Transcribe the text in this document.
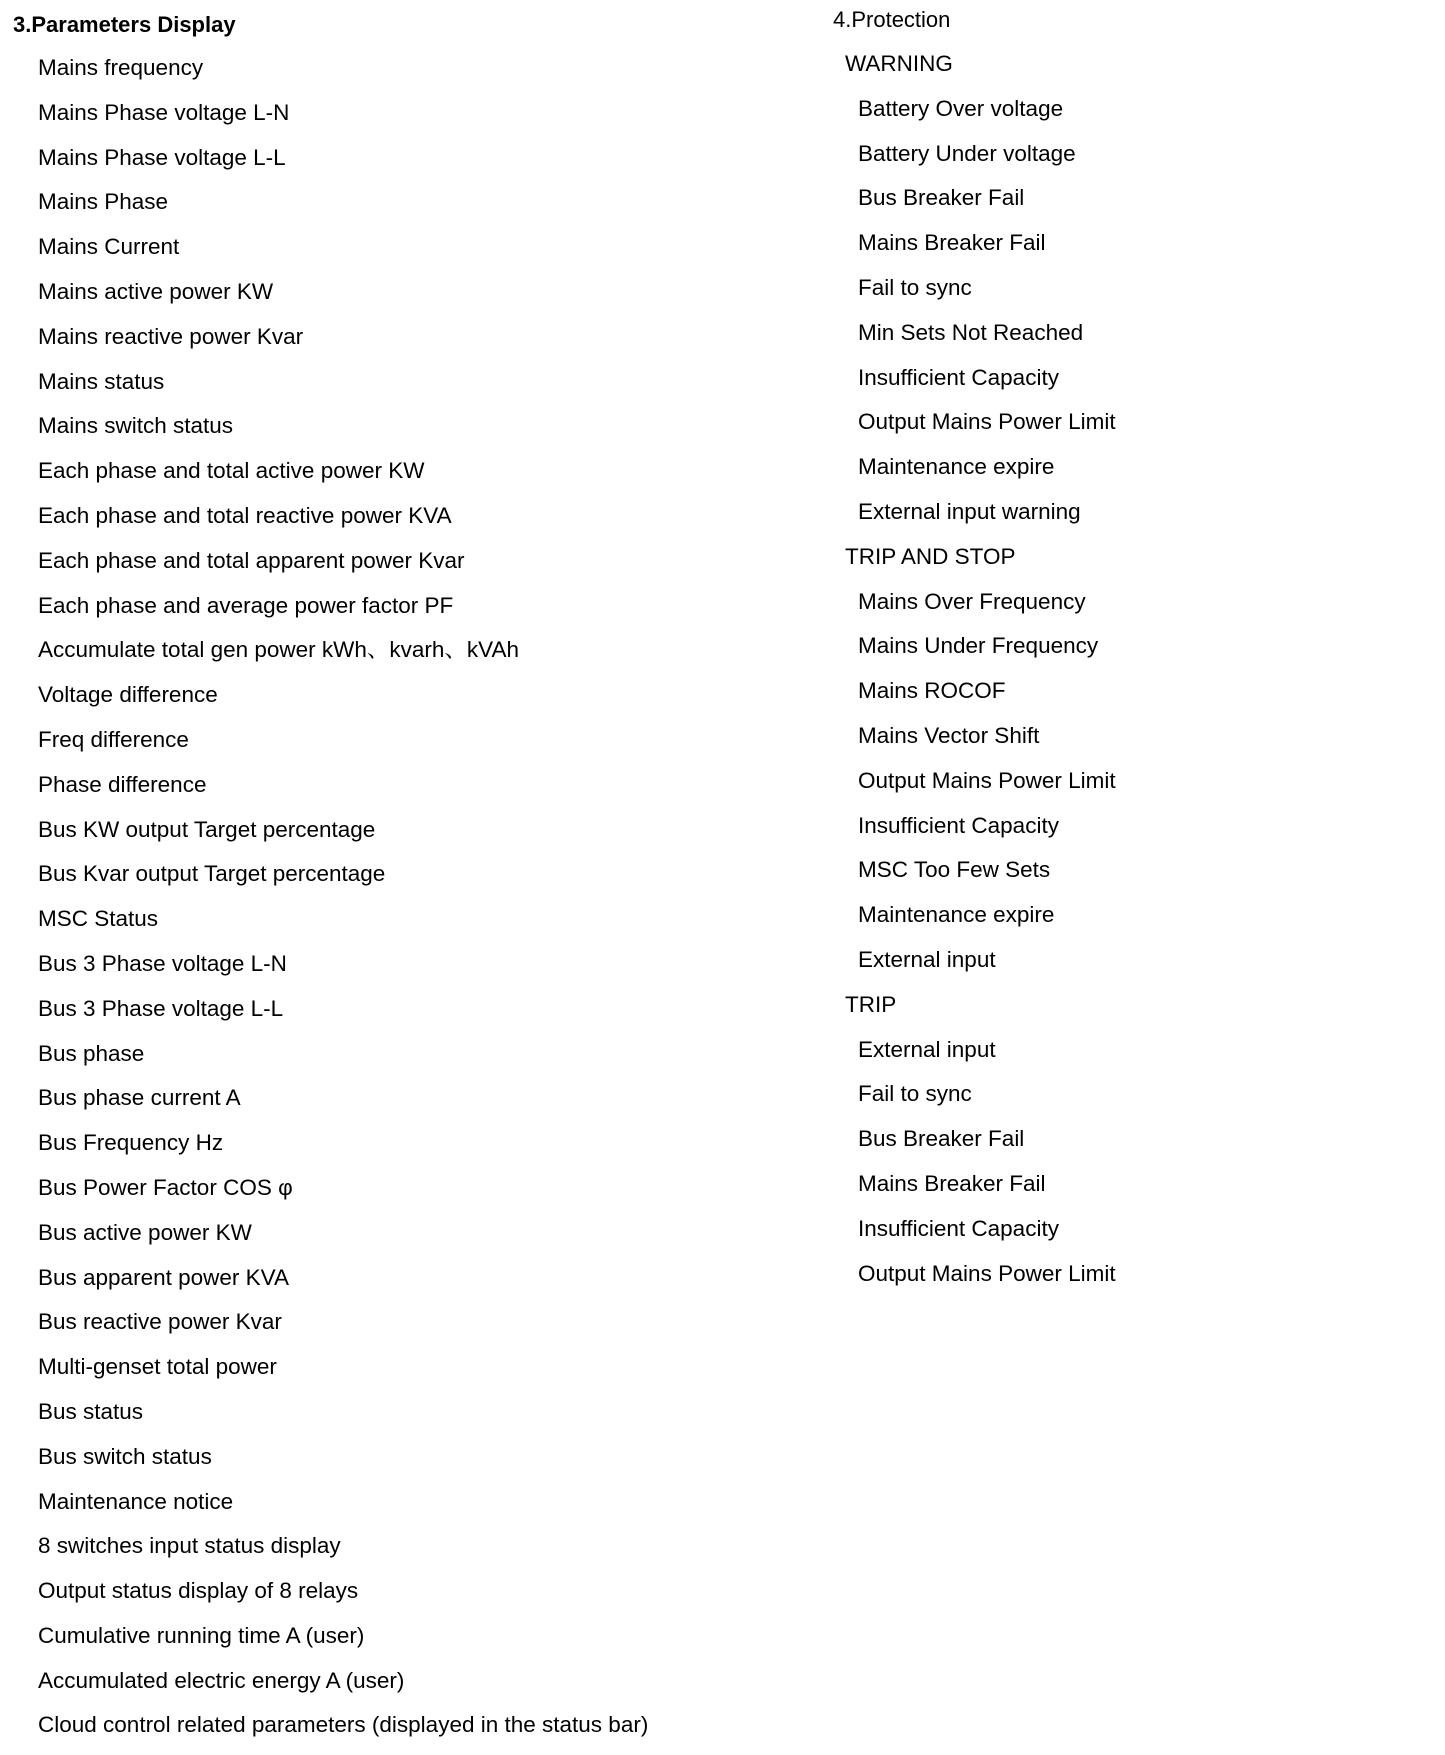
3.Parameters Display
Mains frequency
Mains Phase voltage L-N
Mains Phase voltage L-L
Mains Phase
Mains Current
Mains active power KW
Mains reactive power Kvar
Mains status
Mains switch status
Each phase and total active power KW
Each phase and total reactive power KVA
Each phase and total apparent power Kvar
Each phase and average power factor PF
Accumulate total gen power kWh、kvarh、kVAh
Voltage difference
Freq difference
Phase difference
Bus KW output Target percentage
Bus Kvar output Target percentage
MSC Status
Bus 3 Phase voltage L-N
Bus 3 Phase voltage L-L
Bus phase
Bus phase current A
Bus Frequency Hz
Bus Power Factor COS φ
Bus active power KW
Bus apparent power KVA
Bus reactive power Kvar
Multi-genset total power
Bus status
Bus switch status
Maintenance notice
8 switches input status display
Output status display of 8 relays
Cumulative running time A (user)
Accumulated electric energy A (user)
Cloud control related parameters (displayed in the status bar)
4.Protection
WARNING
Battery Over voltage
Battery Under voltage
Bus Breaker Fail
Mains Breaker Fail
Fail to sync
Min Sets Not Reached
Insufficient Capacity
Output Mains Power Limit
Maintenance expire
External input warning
TRIP AND STOP
Mains Over Frequency
Mains Under Frequency
Mains ROCOF
Mains Vector Shift
Output Mains Power Limit
Insufficient Capacity
MSC Too Few Sets
Maintenance expire
External input
TRIP
External input
Fail to sync
Bus Breaker Fail
Mains Breaker Fail
Insufficient Capacity
Output Mains Power Limit
